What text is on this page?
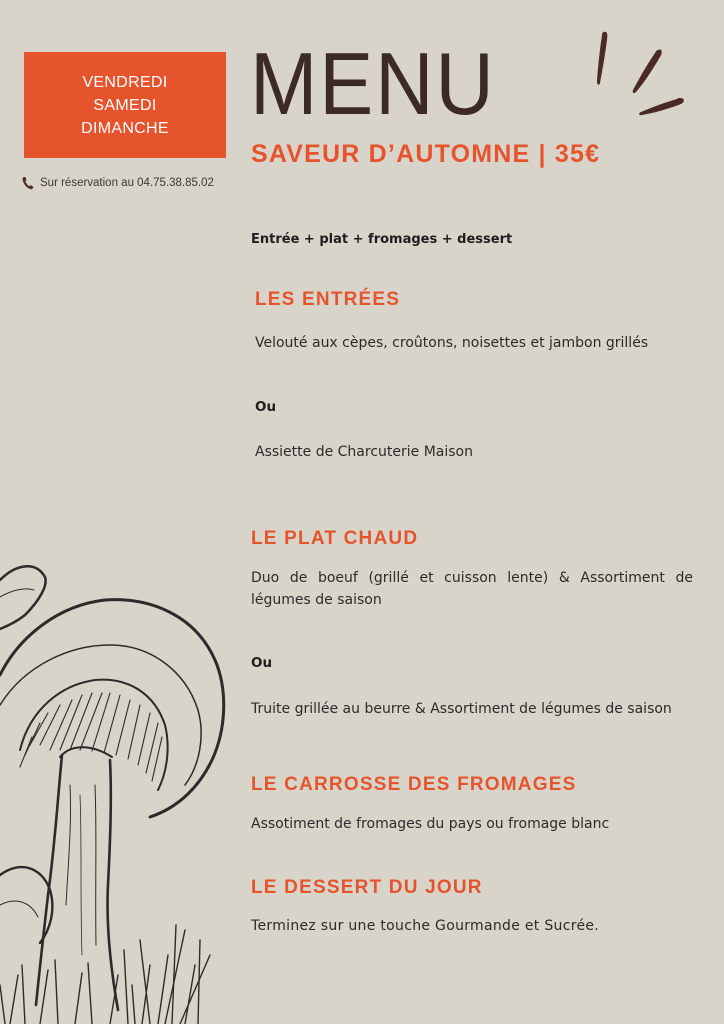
VENDREDI
SAMEDI
DIMANCHE
Sur réservation au 04.75.38.85.02
MENU
SAVEUR D’AUTOMNE | 35€
Entrée + plat + fromages + dessert
LES ENTRÉES
Velouté aux cèpes, croûtons, noisettes et jambon grillés
Ou
Assiette de Charcuterie Maison
LE PLAT CHAUD
Duo de boeuf (grillé et cuisson lente) & Assortiment de légumes de saison
Ou
Truite grillée au beurre & Assortiment de légumes de saison
LE CARROSSE DES FROMAGES
Assotiment de fromages du pays ou fromage blanc
LE DESSERT DU JOUR
Terminez sur une touche Gourmande et Sucrée.
